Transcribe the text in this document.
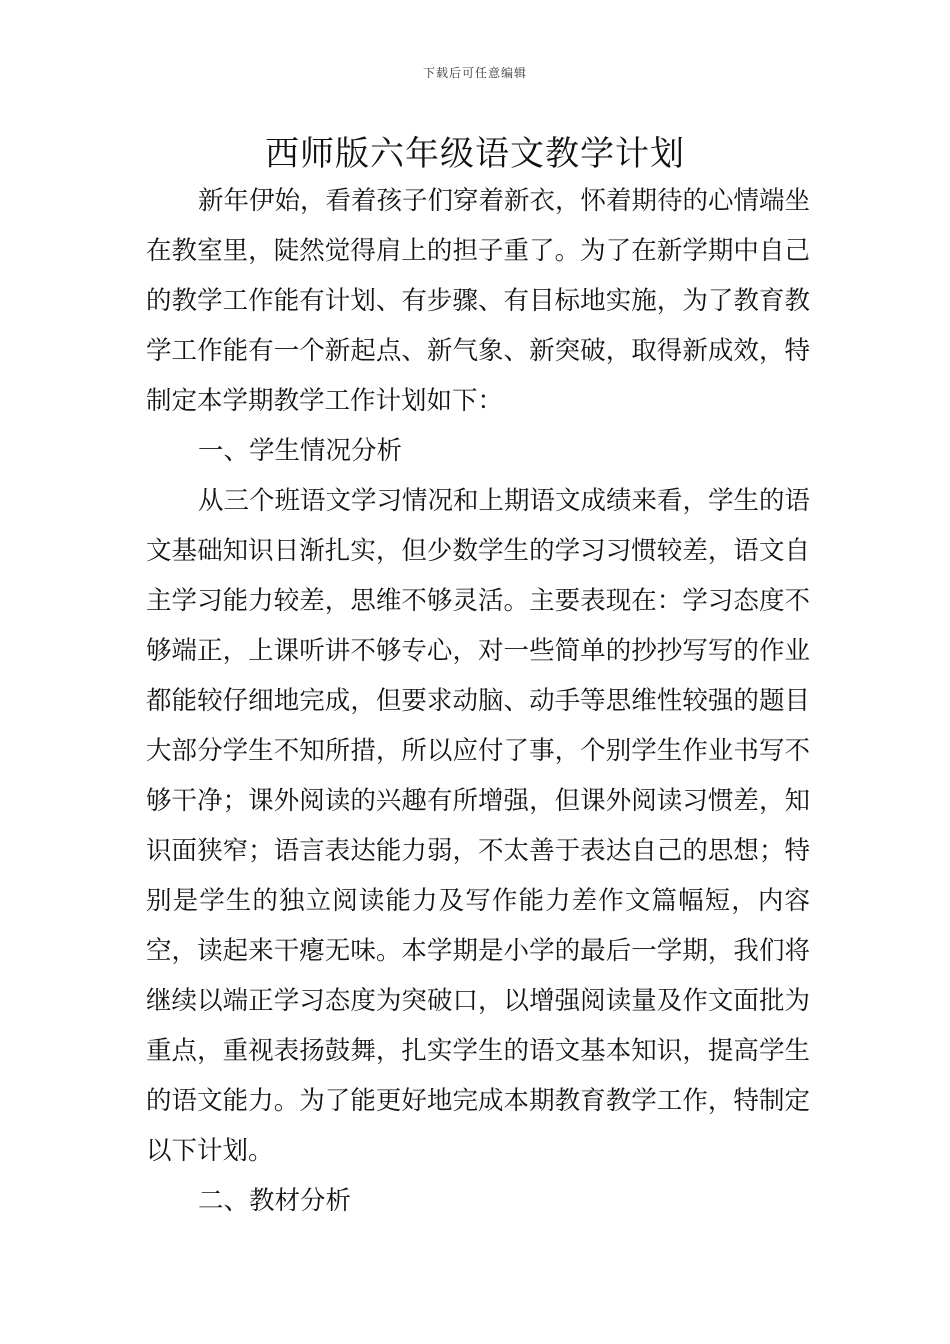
下载后可任意编辑
西师版六年级语文教学计划

新年伊始，看着孩子们穿着新衣，怀着期待的心情端坐在教室里，陡然觉得肩上的担子重了。为了在新学期中自己的教学工作能有计划、有步骤、有目标地实施，为了教育教学工作能有一个新起点、新气象、新突破，取得新成效，特制定本学期教学工作计划如下：

一、学生情况分析

从三个班语文学习情况和上期语文成绩来看，学生的语文基础知识日渐扎实，但少数学生的学习习惯较差，语文自主学习能力较差，思维不够灵活。主要表现在：学习态度不够端正，上课听讲不够专心，对一些简单的抄抄写写的作业都能较仔细地完成，但要求动脑、动手等思维性较强的题目大部分学生不知所措，所以应付了事，个别学生作业书写不够干净；课外阅读的兴趣有所增强，但课外阅读习惯差，知识面狭窄；语言表达能力弱，不太善于表达自己的思想；特别是学生的独立阅读能力及写作能力差作文篇幅短，内容空，读起来干瘪无味。本学期是小学的最后一学期，我们将继续以端正学习态度为突破口，以增强阅读量及作文面批为重点，重视表扬鼓舞，扎实学生的语文基本知识，提高学生的语文能力。为了能更好地完成本期教育教学工作，特制定以下计划。

二、教材分析
